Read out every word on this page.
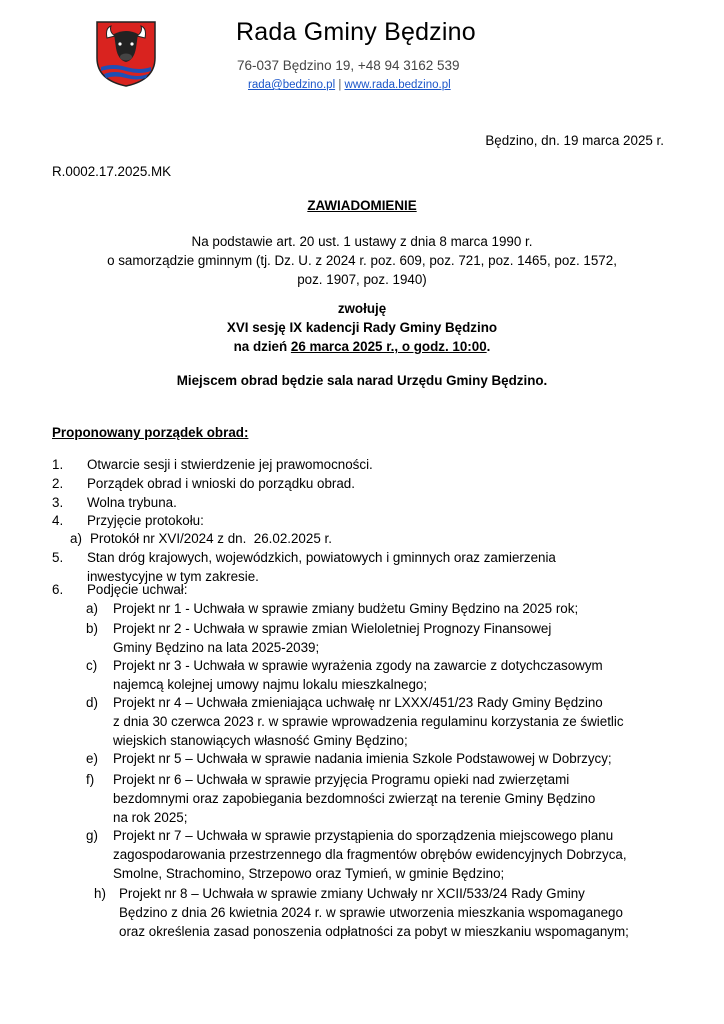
Rada Gminy Będzino
76-037 Będzino 19, +48 94 3162 539
rada@bedzino.pl | www.rada.bedzino.pl
Będzino, dn. 19 marca 2025 r.
R.0002.17.2025.MK
ZAWIADOMIENIE
Na podstawie art. 20 ust. 1 ustawy z dnia 8 marca 1990 r.
o samorządzie gminnym (tj. Dz. U. z 2024 r. poz. 609, poz. 721, poz. 1465, poz. 1572,
poz. 1907, poz. 1940)
zwołuję
XVI sesję IX kadencji Rady Gminy Będzino
na dzień 26 marca 2025 r., o godz. 10:00.
Miejscem obrad będzie sala narad Urzędu Gminy Będzino.
Proponowany porządek obrad:
1. Otwarcie sesji i stwierdzenie jej prawomocności.
2. Porządek obrad i wnioski do porządku obrad.
3. Wolna trybuna.
4. Przyjęcie protokołu:
a) Protokół nr XVI/2024 z dn.  26.02.2025 r.
5. Stan dróg krajowych, wojewódzkich, powiatowych i gminnych oraz zamierzenia
inwestycyjne w tym zakresie.
6. Podjęcie uchwał:
a) Projekt nr 1 - Uchwała w sprawie zmiany budżetu Gminy Będzino na 2025 rok;
b) Projekt nr 2 - Uchwała w sprawie zmian Wieloletniej Prognozy Finansowej
Gminy Będzino na lata 2025-2039;
c) Projekt nr 3 - Uchwała w sprawie wyrażenia zgody na zawarcie z dotychczasowym
najemcą kolejnej umowy najmu lokalu mieszkalnego;
d) Projekt nr 4 – Uchwała zmieniająca uchwałę nr LXXX/451/23 Rady Gminy Będzino
z dnia 30 czerwca 2023 r. w sprawie wprowadzenia regulaminu korzystania ze świetlic
wiejskich stanowiących własność Gminy Będzino;
e) Projekt nr 5 – Uchwała w sprawie nadania imienia Szkole Podstawowej w Dobrzycy;
f) Projekt nr 6 – Uchwała w sprawie przyjęcia Programu opieki nad zwierzętami
bezdomnymi oraz zapobiegania bezdomności zwierząt na terenie Gminy Będzino
na rok 2025;
g) Projekt nr 7 – Uchwała w sprawie przystąpienia do sporządzenia miejscowego planu
zagospodarowania przestrzennego dla fragmentów obrębów ewidencyjnych Dobrzyca,
Smolne, Strachomino, Strzepowo oraz Tymień, w gminie Będzino;
h) Projekt nr 8 – Uchwała w sprawie zmiany Uchwały nr XCII/533/24 Rady Gminy
Będzino z dnia 26 kwietnia 2024 r. w sprawie utworzenia mieszkania wspomaganego
oraz określenia zasad ponoszenia odpłatności za pobyt w mieszkaniu wspomaganym;
